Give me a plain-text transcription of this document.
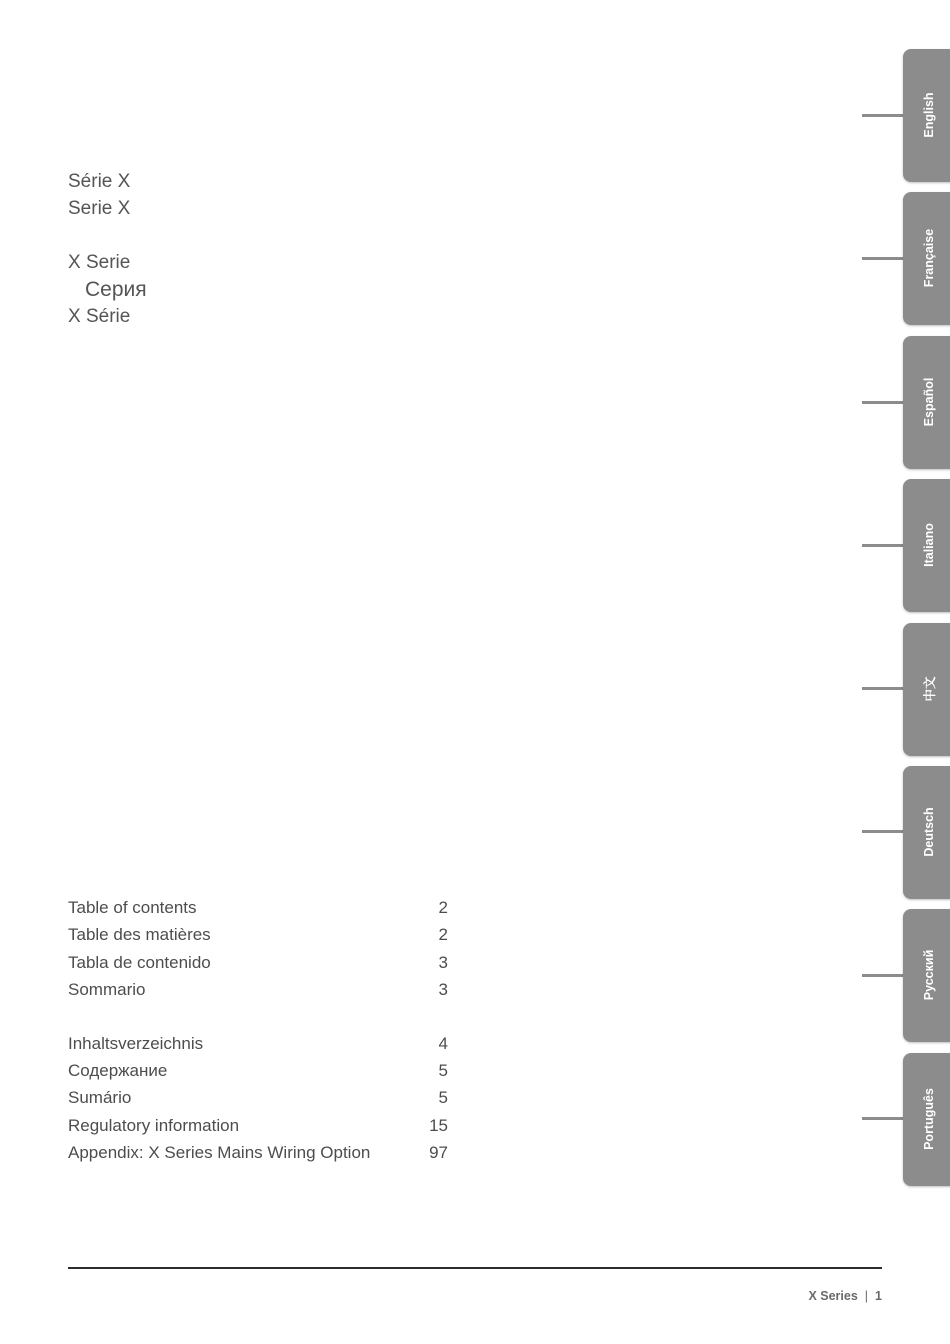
Série X
Serie X
X Serie
Серия
X Série
Table of contents	2
Table des matières	2
Tabla de contenido	3
Sommario	3
Inhaltsverzeichnis	4
Содержание	5
Sumário	5
Regulatory information	15
Appendix: X Series Mains Wiring Option	97
English
Française
Español
Italiano
中文
Deutsch
Русский
Português
X Series | 1
